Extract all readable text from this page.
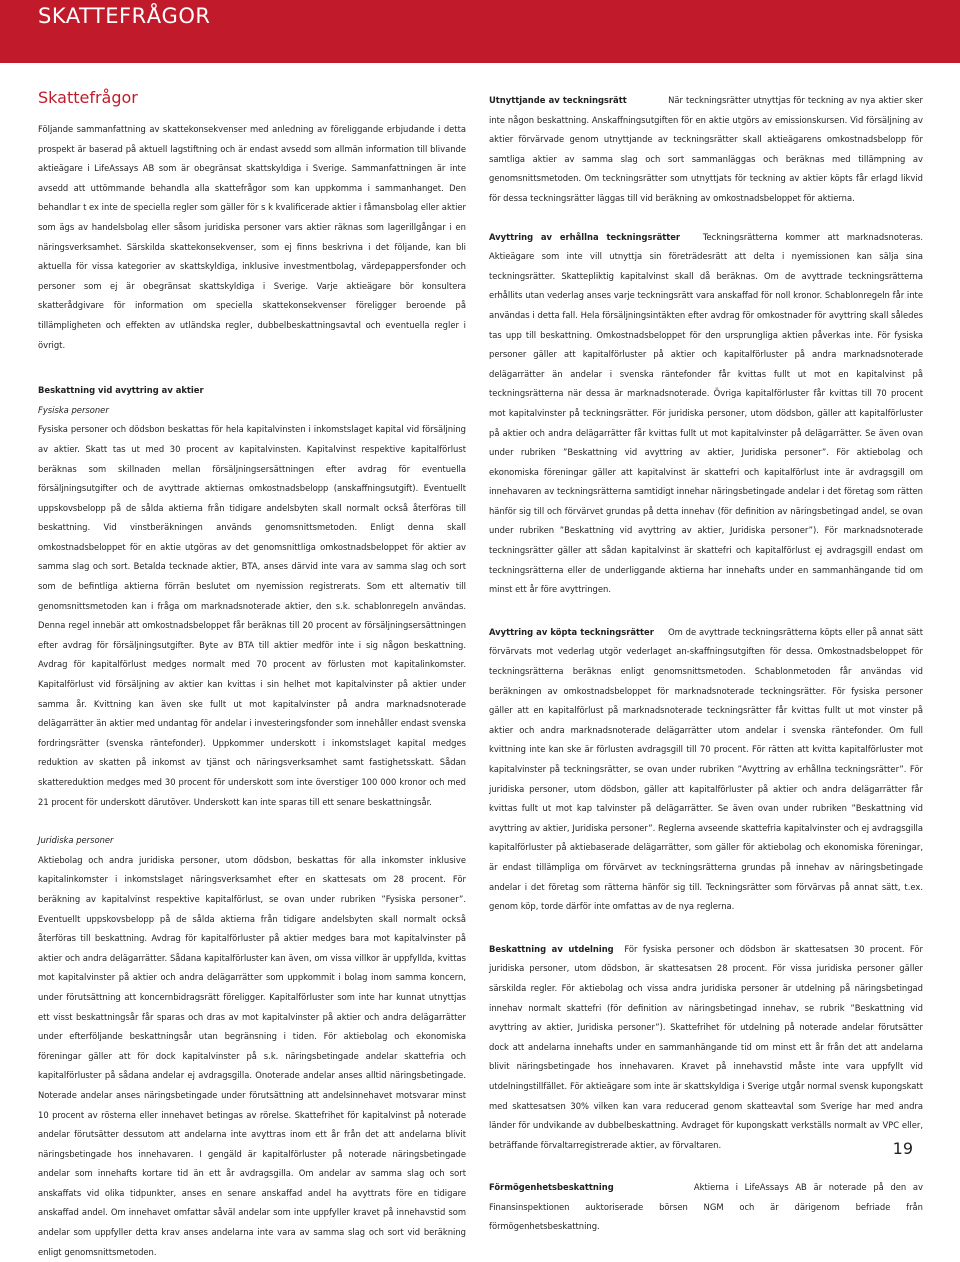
SKATTEFRÅGOR
Skattefrågor

Följande sammanfattning av skattekonsekvenser med anledning av föreliggande erbjudande i detta prospekt är baserad på aktuell lagstiftning och är endast avsedd som allmän information till blivande aktieägare i LifeAssays AB som är obegränsat skattskyldiga i Sverige. Sammanfattningen är inte avsedd att uttömmande behandla alla skattefrågor som kan uppkomma i sammanhanget. Den behandlar t ex inte de speciella regler som gäller för s k kvalificerade aktier i fåmansbolag eller aktier som ägs av handelsbolag eller såsom juridiska personer vars aktier räknas som lagerillgångar i en näringsverksamhet. Särskilda skattekonsekvenser, som ej finns beskrivna i det följande, kan bli aktuella för vissa kategorier av skattskyldiga, inklusive investmentbolag, värdepappersfonder och personer som ej är obegränsat skattskyldiga i Sverige. Varje aktieägare bör konsultera skatterådgivare för information om speciella skattekonsekvenser föreligger beroende på tillämpligheten och effekten av utländska regler, dubbelbeskattningsavtal och eventuella regler i övrigt.

Beskattning vid avyttring av aktier

Fysiska personer

Fysiska personer och dödsbon beskattas för hela kapitalvinsten i inkomstslaget kapital vid försäljning av aktier. Skatt tas ut med 30 procent av kapitalvinsten. Kapitalvinst respektive kapitalförlust beräknas som skillnaden mellan försäljningsersättningen efter avdrag för eventuella försäljningsutgifter och de avyttrade aktiernas omkostnadsbelopp (anskaffningsutgift). Eventuellt uppskovsbelopp på de sålda aktierna från tidigare andelsbyten skall normalt också återföras till beskattning. Vid vinstberäkningen används genomsnittsmetoden. Enligt denna skall omkostnadsbeloppet för en aktie utgöras av det genomsnittliga omkostnadsbeloppet för aktier av samma slag och sort. Betalda tecknade aktier, BTA, anses därvid inte vara av samma slag och sort som de befintliga aktierna förrän beslutet om nyemission registrerats. Som ett alternativ till genomsnittsmetoden kan i fråga om marknadsnoterade aktier, den s.k. schablonregeln användas. Denna regel innebär att omkostnadsbeloppet får beräknas till 20 procent av försäljningsersättningen efter avdrag för försäljningsutgifter. Byte av BTA till aktier medför inte i sig någon beskattning. Avdrag för kapitalförlust medges normalt med 70 procent av förlusten mot kapitalinkomster. Kapitalförlust vid försäljning av aktier kan kvittas i sin helhet mot kapitalvinster på aktier under samma år. Kvittning kan även ske fullt ut mot kapitalvinster på andra marknadsnoterade delägarrätter än aktier med undantag för andelar i investeringsfonder som innehåller endast svenska fordringsrätter (svenska räntefonder). Uppkommer underskott i inkomstslaget kapital medges reduktion av skatten på inkomst av tjänst och näringsverksamhet samt fastighetsskatt. Sådan skattereduktion medges med 30 procent för underskott som inte överstiger 100 000 kronor och med 21 procent för underskott därutöver. Underskott kan inte sparas till ett senare beskattningsår.

Juridiska personer

Aktiebolag och andra juridiska personer, utom dödsbon, beskattas för alla inkomster inklusive kapitalinkomster i inkomstslaget näringsverksamhet efter en skattesats om 28 procent. För beräkning av kapitalvinst respektive kapitalförlust, se ovan under rubriken ”Fysiska personer”. Eventuellt uppskovsbelopp på de sålda aktierna från tidigare andelsbyten skall normalt också återföras till beskattning. Avdrag för kapitalförluster på aktier medges bara mot kapitalvinster på aktier och andra delägarrätter. Sådana kapitalförluster kan även, om vissa villkor är uppfyllda, kvittas mot kapitalvinster på aktier och andra delägarrätter som uppkommit i bolag inom samma koncern, under förutsättning att koncernbidragsrätt föreligger. Kapitalförluster som inte har kunnat utnyttjas ett visst beskattningsår får sparas och dras av mot kapitalvinster på aktier och andra delägarrätter under efterföljande beskattningsår utan begränsning i tiden. För aktiebolag och ekonomiska föreningar gäller att för dock kapitalvinster på s.k. näringsbetingade andelar skattefria och kapitalförluster på sådana andelar ej avdragsgilla. Onoterade andelar anses alltid näringsbetingade. Noterade andelar anses näringsbetingade under förutsättning att andelsinnehavet motsvarar minst 10 procent av rösterna eller innehavet betingas av rörelse. Skattefrihet för kapitalvinst på noterade andelar förutsätter dessutom att andelarna inte avyttras inom ett år från det att andelarna blivit näringsbetingade hos innehavaren. I gengäld är kapitalförluster på noterade näringsbetingade andelar som innehafts kortare tid än ett år avdragsgilla. Om andelar av samma slag och sort anskaffats vid olika tidpunkter, anses en senare anskaffad andel ha avyttrats före en tidigare anskaffad andel. Om innehavet omfattar såväl andelar som inte uppfyller kravet på innehavstid som andelar som uppfyller detta krav anses andelarna inte vara av samma slag och sort vid beräkning enligt genomsnittsmetoden.

Utnyttjande av teckningsrätt	När teckningsrätter utnyttjas för teckning av nya aktier sker inte någon beskattning. Anskaffningsutgiften för en aktie utgörs av emissionskursen. Vid försäljning av aktier förvärvade genom utnyttjande av teckningsrätter skall aktieägarens omkostnadsbelopp för samtliga aktier av samma slag och sort sammanläggas och beräknas med tillämpning av genomsnittsmetoden. Om teckningsrätter som utnyttjats för teckning av aktier köpts får erlagd likvid för dessa teckningsrätter läggas till vid beräkning av omkostnadsbeloppet för aktierna.

Avyttring av erhållna teckningsrätter	Teckningsrätterna kommer att marknadsnoteras. Aktieägare som inte vill utnyttja sin företrädesrätt att delta i nyemissionen kan sälja sina teckningsrätter. Skattepliktig kapitalvinst skall då beräknas. Om de avyttrade teckningsrätterna erhållits utan vederlag anses varje teckningsrätt vara anskaffad för noll kronor. Schablonregeln får inte användas i detta fall. Hela försäljningsintäkten efter avdrag för omkostnader för avyttring skall således tas upp till beskattning. Omkostnadsbeloppet för den ursprungliga aktien påverkas inte. För fysiska personer gäller att kapitalförluster på aktier och kapitalförluster på andra marknadsnoterade delägarrätter än andelar i svenska räntefonder får kvittas fullt ut mot en kapitalvinst på teckningsrätterna när dessa är marknadsnoterade. Övriga kapitalförluster får kvittas till 70 procent mot kapitalvinster på teckningsrätter. För juridiska personer, utom dödsbon, gäller att kapitalförluster på aktier och andra delägarrätter får kvittas fullt ut mot kapitalvinster på delägarrätter. Se även ovan under rubriken ”Beskattning vid avyttring av aktier, Juridiska personer”. För aktiebolag och ekonomiska föreningar gäller att kapitalvinst är skattefri och kapitalförlust inte är avdragsgill om innehavaren av teckningsrätterna samtidigt innehar näringsbetingade andelar i det företag som rätten hänför sig till och förvärvet grundas på detta innehav (för definition av näringsbetingad andel, se ovan under rubriken ”Beskattning vid avyttring av aktier, Juridiska personer”). För marknadsnoterade teckningsrätter gäller att sådan kapitalvinst är skattefri och kapitalförlust ej avdragsgill endast om teckningsrätterna eller de underliggande aktierna har innehafts under en sammanhängande tid om minst ett år före avyttringen.

Avyttring av köpta teckningsrätter Om de avyttrade teckningsrätterna köpts eller på annat sätt förvärvats mot vederlag utgör vederlaget an-skaffningsutgiften för dessa. Omkostnadsbeloppet för teckningsrätterna beräknas enligt genomsnittsmetoden. Schablonmetoden får användas vid beräkningen av omkostnadsbeloppet för marknadsnoterade teckningsrätter. För fysiska personer gäller att en kapitalförlust på marknadsnoterade teckningsrätter får kvittas fullt ut mot vinster på aktier och andra marknadsnoterade delägarrätter utom andelar i svenska räntefonder. Om full kvittning inte kan ske är förlusten avdragsgill till 70 procent. För rätten att kvitta kapitalförluster mot kapitalvinster på teckningsrätter, se ovan under rubriken ”Avyttring av erhållna teckningsrätter”. För juridiska personer, utom dödsbon, gäller att kapitalförluster på aktier och andra delägarrätter får kvittas fullt ut mot kap talvinster på delägarrätter. Se även ovan under rubriken ”Beskattning vid avyttring av aktier, Juridiska personer”. Reglerna avseende skattefria kapitalvinster och ej avdragsgilla kapitalförluster på aktiebaserade delägarrätter, som gäller för aktiebolag och ekonomiska föreningar, är endast tillämpliga om förvärvet av teckningsrätterna grundas på innehav av näringsbetingade andelar i det företag som rätterna hänför sig till. Teckningsrätter som förvärvas på annat sätt, t.ex. genom köp, torde därför inte omfattas av de nya reglerna.

Beskattning av utdelning För fysiska personer och dödsbon är skattesatsen 30 procent. För juridiska personer, utom dödsbon, är skattesatsen 28 procent. För vissa juridiska personer gäller särskilda regler. För aktiebolag och vissa andra juridiska personer är utdelning på näringsbetingad innehav normalt skattefri (för definition av näringsbetingad innehav, se rubrik ”Beskattning vid avyttring av aktier, Juridiska personer”). Skattefrihet för utdelning på noterade andelar förutsätter dock att andelarna innehafts under en sammanhängande tid om minst ett år från det att andelarna blivit näringsbetingade hos innehavaren. Kravet på innehavstid måste inte vara uppfyllt vid utdelningstillfället. För aktieägare som inte är skattskyldiga i Sverige utgår normal svensk kupongskatt med skattesatsen 30% vilken kan vara reducerad genom skatteavtal som Sverige har med andra länder för undvikande av dubbelbeskattning. Avdraget för kupongskatt verkställs normalt av VPC eller, beträffande förvaltarregistrerade aktier, av förvaltaren.

Förmögenhetsbeskattning	Aktierna i LifeAssays AB är noterade på den av Finansinspektionen auktoriserade börsen NGM och är därigenom befriade från förmögenhetsbeskattning.

19
